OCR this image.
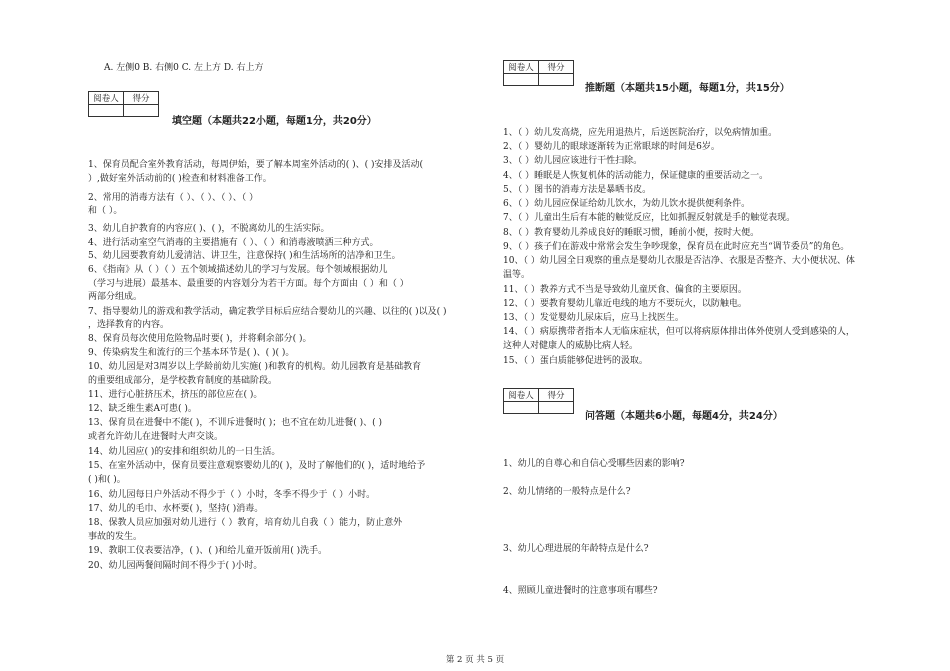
A. 左侧0 B. 右侧0 C. 左上方 D. 右上方
阅卷人	得分

填空题（本题共22小题，每题1分，共20分）
1、保育员配合室外教育活动，每周伊始，要了解本周室外活动的( )、( )安排及活动(
）,做好室外活动前的( )检查和材料准备工作。
2、常用的消毒方法有（ ）、（ ）、（ ）、（ ）
和（ ）。
3、幼儿自护教育的内容应( )、( )，不脱离幼儿的生活实际。
4、进行活动室空气消毒的主要措施有（ ）、（ ）和消毒液喷洒三种方式。
5、幼儿园要教育幼儿爱清洁、讲卫生，注意保持( )和生活场所的洁净和卫生。
6、《指南》从（ ）（ ）五个领域描述幼儿的学习与发展。每个领域根据幼儿
（学习与进展）最基本、最重要的内容划分为若干方面。每个方面由（ ）和（ ）
两部分组成。
7、指导婴幼儿的游戏和教学活动，确定教学目标后应结合婴幼儿的兴趣、以往的( )以及( )
，选择教育的内容。
8、保育员每次使用危险物品时要( )，并将剩余部分( )。
9、传染病发生和流行的三个基本环节是( )、( )( )。
10、幼儿园是对3周岁以上学龄前幼儿实施( )和教育的机构。幼儿园教育是基础教育
的重要组成部分，是学校教育制度的基础阶段。
11、进行心脏挤压术，挤压的部位应在( )。
12、缺乏维生素A可患( )。
13、保育员在进餐中不能( )，不训斥进餐时( )；也不宜在幼儿进餐( )、( )
或者允许幼儿在进餐时大声交谈。
14、幼儿园应( )的安排和组织幼儿的一日生活。
15、在室外活动中，保育员要注意观察婴幼儿的( )，及时了解他们的( )，适时地给予
( )和( )。
16、幼儿园每日户外活动不得少于（ ）小时，冬季不得少于（ ）小时。
17、幼儿的毛巾、水杯要( )，坚持( )消毒。
18、保教人员应加强对幼儿进行（ ）教育，培育幼儿自我（ ）能力，防止意外
事故的发生。
19、教职工仪表要洁净，( )、( )和给儿童开饭前用( )洗手。
20、幼儿园两餐间隔时间不得少于( )小时。
阅卷人	得分

推断题（本题共15小题，每题1分，共15分）
1、（ ）幼儿发高烧，应先用退热片，后送医院治疗，以免病情加重。
2、（ ）婴幼儿的眼球逐渐转为正常眼球的时间是6岁。
3、（ ）幼儿园应该进行干性扫除。
4、（ ）睡眠是人恢复机体的活动能力，保证健康的重要活动之一。
5、（ ）图书的消毒方法是暴晒书皮。
6、（ ）幼儿园应保证给幼儿饮水，为幼儿饮水提供便利条件。
7、（ ）儿童出生后有本能的触觉反应，比如抓握反射就是手的触觉表现。
8、（ ）教育婴幼儿养成良好的睡眠习惯，睡前小便，按时大便。
9、（ ）孩子们在游戏中常常会发生争吵现象，保育员在此时应充当“调节委员”的角色。
10、（ ）幼儿园全日观察的重点是婴幼儿衣服是否洁净、衣服是否整齐、大小便状况、体
温等。
11、（ ）教养方式不当是导致幼儿童厌食、偏食的主要原因。
12、（ ）要教育婴幼儿靠近电线的地方不要玩火，以防触电。
13、（ ）发觉婴幼儿尿床后，应马上找医生。
14、（ ）病原携带者指本人无临床症状，但可以将病原体排出体外使别人受到感染的人，
这种人对健康人的威胁比病人轻。
15、（ ）蛋白质能够促进钙的汲取。
阅卷人	得分

问答题（本题共6小题，每题4分，共24分）
1、幼儿的自尊心和自信心受哪些因素的影响?
2、幼儿情绪的一般特点是什么?
3、幼儿心理进展的年龄特点是什么?
4、照顾儿童进餐时的注意事项有哪些?
第 2 页 共 5 页
